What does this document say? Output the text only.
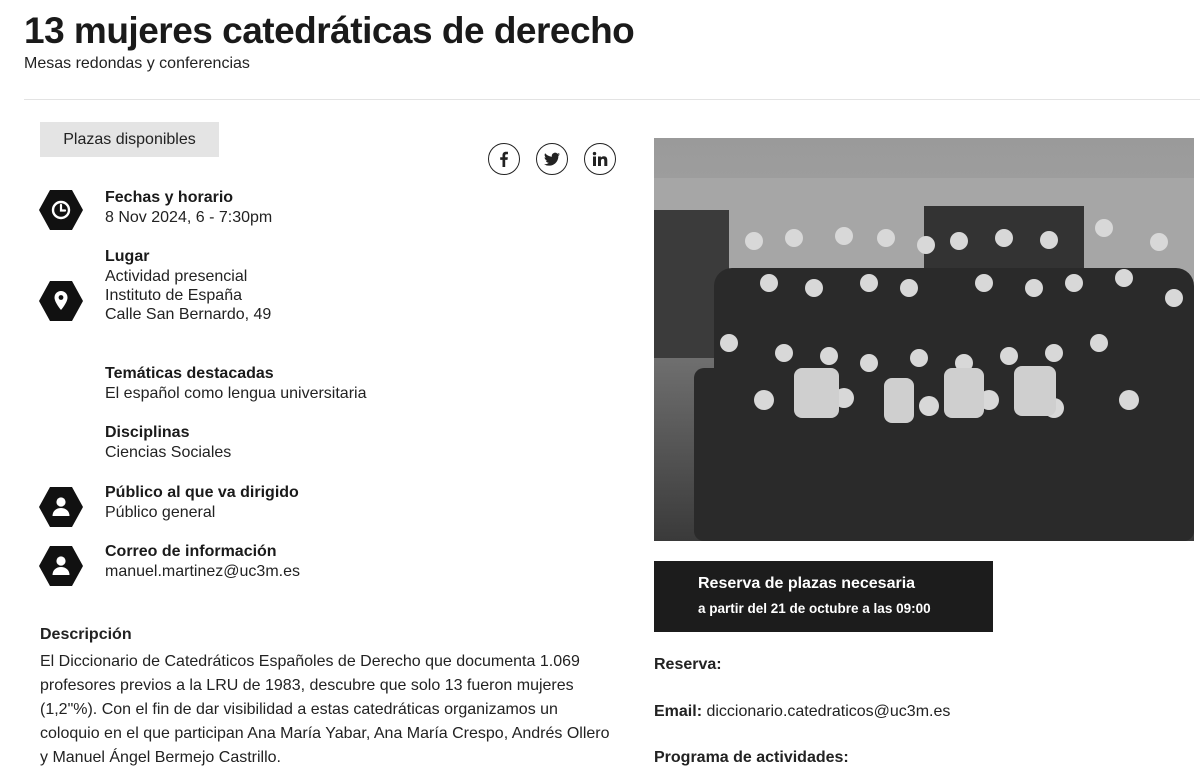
13 mujeres catedráticas de derecho
Mesas redondas y conferencias
Plazas disponibles
Fechas y horario
8 Nov 2024, 6 - 7:30pm
Lugar
Actividad presencial
Instituto de España
Calle San Bernardo, 49
Temáticas destacadas
El español como lengua universitaria
Disciplinas
Ciencias Sociales
Público al que va dirigido
Público general
Correo de información
manuel.martinez@uc3m.es
Descripción

El Diccionario de Catedráticos Españoles de Derecho que documenta 1.069 profesores previos a la LRU de 1983, descubre que solo 13 fueron mujeres (1,2"%). Con el fin de dar visibilidad a estas catedráticas organizamos un coloquio en el que participan Ana María Yabar, Ana María Crespo, Andrés Ollero y Manuel Ángel Bermejo Castrillo.

Reserva de plazas necesaria
a partir del 21 de octubre a las 09:00
Reserva:
Email: diccionario.catedraticos@uc3m.es
Programa de actividades:
